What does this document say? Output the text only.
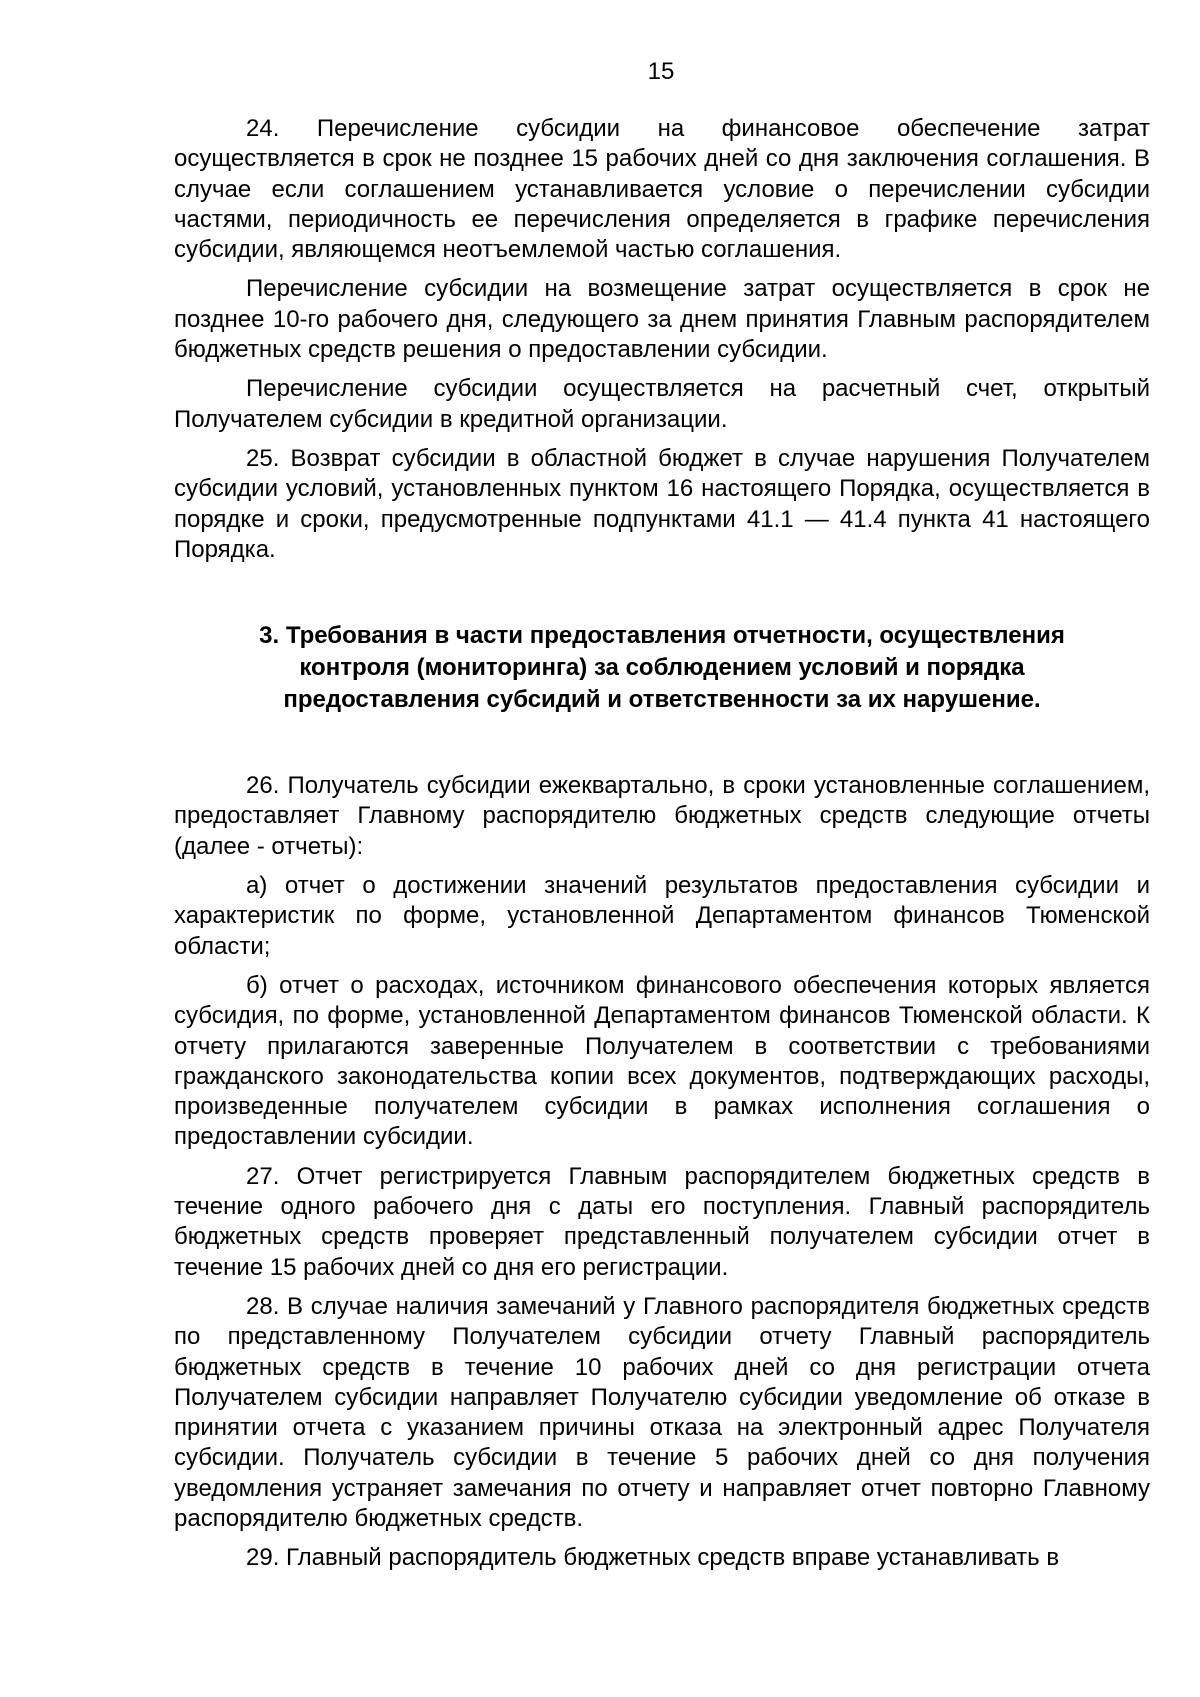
15

24. Перечисление субсидии на финансовое обеспечение затрат осуществляется в срок не позднее 15 рабочих дней со дня заключения соглашения. В случае если соглашением устанавливается условие о перечислении субсидии частями, периодичность ее перечисления определяется в графике перечисления субсидии, являющемся неотъемлемой частью соглашения.

Перечисление субсидии на возмещение затрат осуществляется в срок не позднее 10-го рабочего дня, следующего за днем принятия Главным распорядителем бюджетных средств решения о предоставлении субсидии.

Перечисление субсидии осуществляется на расчетный счет, открытый Получателем субсидии в кредитной организации.

25. Возврат субсидии в областной бюджет в случае нарушения Получателем субсидии условий, установленных пунктом 16 настоящего Порядка, осуществляется в порядке и сроки, предусмотренные подпунктами 41.1 — 41.4 пункта 41 настоящего Порядка.

3. Требования в части предоставления отчетности, осуществления контроля (мониторинга) за соблюдением условий и порядка предоставления субсидий и ответственности за их нарушение.

26. Получатель субсидии ежеквартально, в сроки установленные соглашением, предоставляет Главному распорядителю бюджетных средств следующие отчеты (далее - отчеты):

а) отчет о достижении значений результатов предоставления субсидии и характеристик по форме, установленной Департаментом финансов Тюменской области;

б) отчет о расходах, источником финансового обеспечения которых является субсидия, по форме, установленной Департаментом финансов Тюменской области. К отчету прилагаются заверенные Получателем в соответствии с требованиями гражданского законодательства копии всех документов, подтверждающих расходы, произведенные получателем субсидии в рамках исполнения соглашения о предоставлении субсидии.

27. Отчет регистрируется Главным распорядителем бюджетных средств в течение одного рабочего дня с даты его поступления. Главный распорядитель бюджетных средств проверяет представленный получателем субсидии отчет в течение 15 рабочих дней со дня его регистрации.

28. В случае наличия замечаний у Главного распорядителя бюджетных средств по представленному Получателем субсидии отчету Главный распорядитель бюджетных средств в течение 10 рабочих дней со дня регистрации отчета Получателем субсидии направляет Получателю субсидии уведомление об отказе в принятии отчета с указанием причины отказа на электронный адрес Получателя субсидии. Получатель субсидии в течение 5 рабочих дней со дня получения уведомления устраняет замечания по отчету и направляет отчет повторно Главному распорядителю бюджетных средств.

29. Главный распорядитель бюджетных средств вправе устанавливать в
